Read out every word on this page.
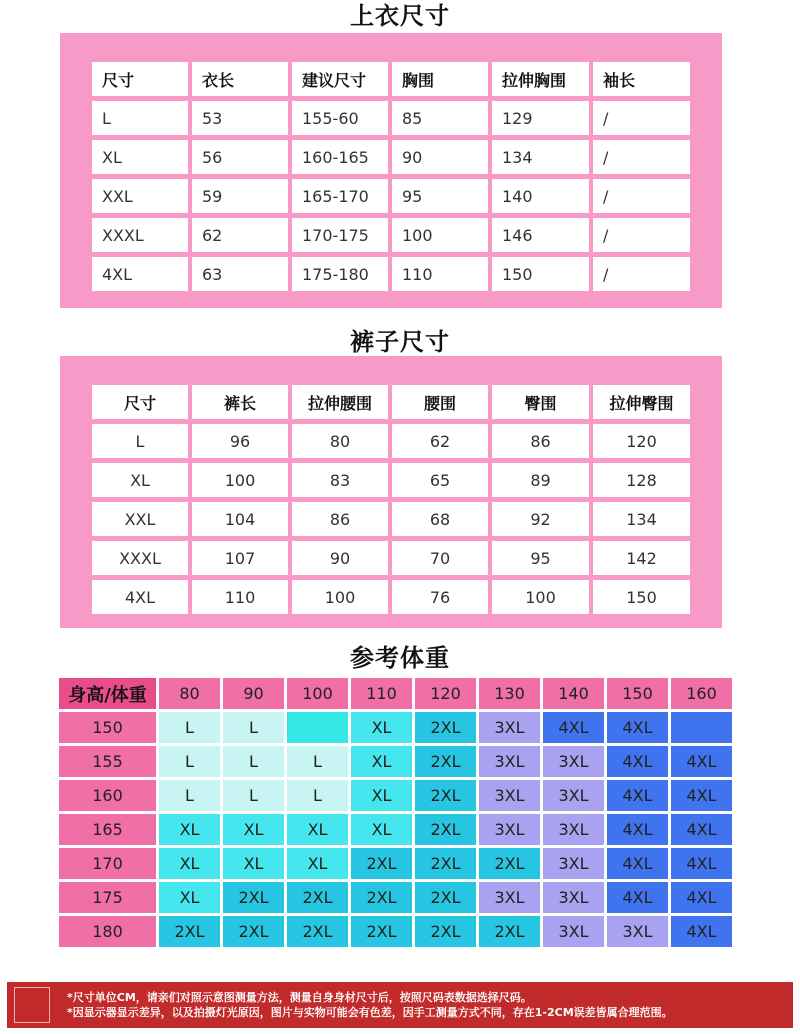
上衣尺寸
尺寸	衣长	建议尺寸	胸围	拉伸胸围	袖长
L	53	155-60	85	129	/
XL	56	160-165	90	134	/
XXL	59	165-170	95	140	/
XXXL	62	170-175	100	146	/
4XL	63	175-180	110	150	/
裤子尺寸
尺寸	裤长	拉伸腰围	腰围	臀围	拉伸臀围
L	96	80	62	86	120
XL	100	83	65	89	128
XXL	104	86	68	92	134
XXXL	107	90	70	95	142
4XL	110	100	76	100	150
参考体重
身高/体重	80	90	100	110	120	130	140	150	160
150	L	L		XL	2XL	3XL	4XL	4XL	
155	L	L	L	XL	2XL	3XL	3XL	4XL	4XL
160	L	L	L	XL	2XL	3XL	3XL	4XL	4XL
165	XL	XL	XL	XL	2XL	3XL	3XL	4XL	4XL
170	XL	XL	XL	2XL	2XL	2XL	3XL	4XL	4XL
175	XL	2XL	2XL	2XL	2XL	3XL	3XL	4XL	4XL
180	2XL	2XL	2XL	2XL	2XL	2XL	3XL	3XL	4XL
*尺寸单位CM，请亲们对照示意图测量方法，测量自身身材尺寸后，按照尺码表数据选择尺码。
*因显示器显示差异，以及拍摄灯光原因，图片与实物可能会有色差，因手工测量方式不同，存在1-2CM误差皆属合理范围。
